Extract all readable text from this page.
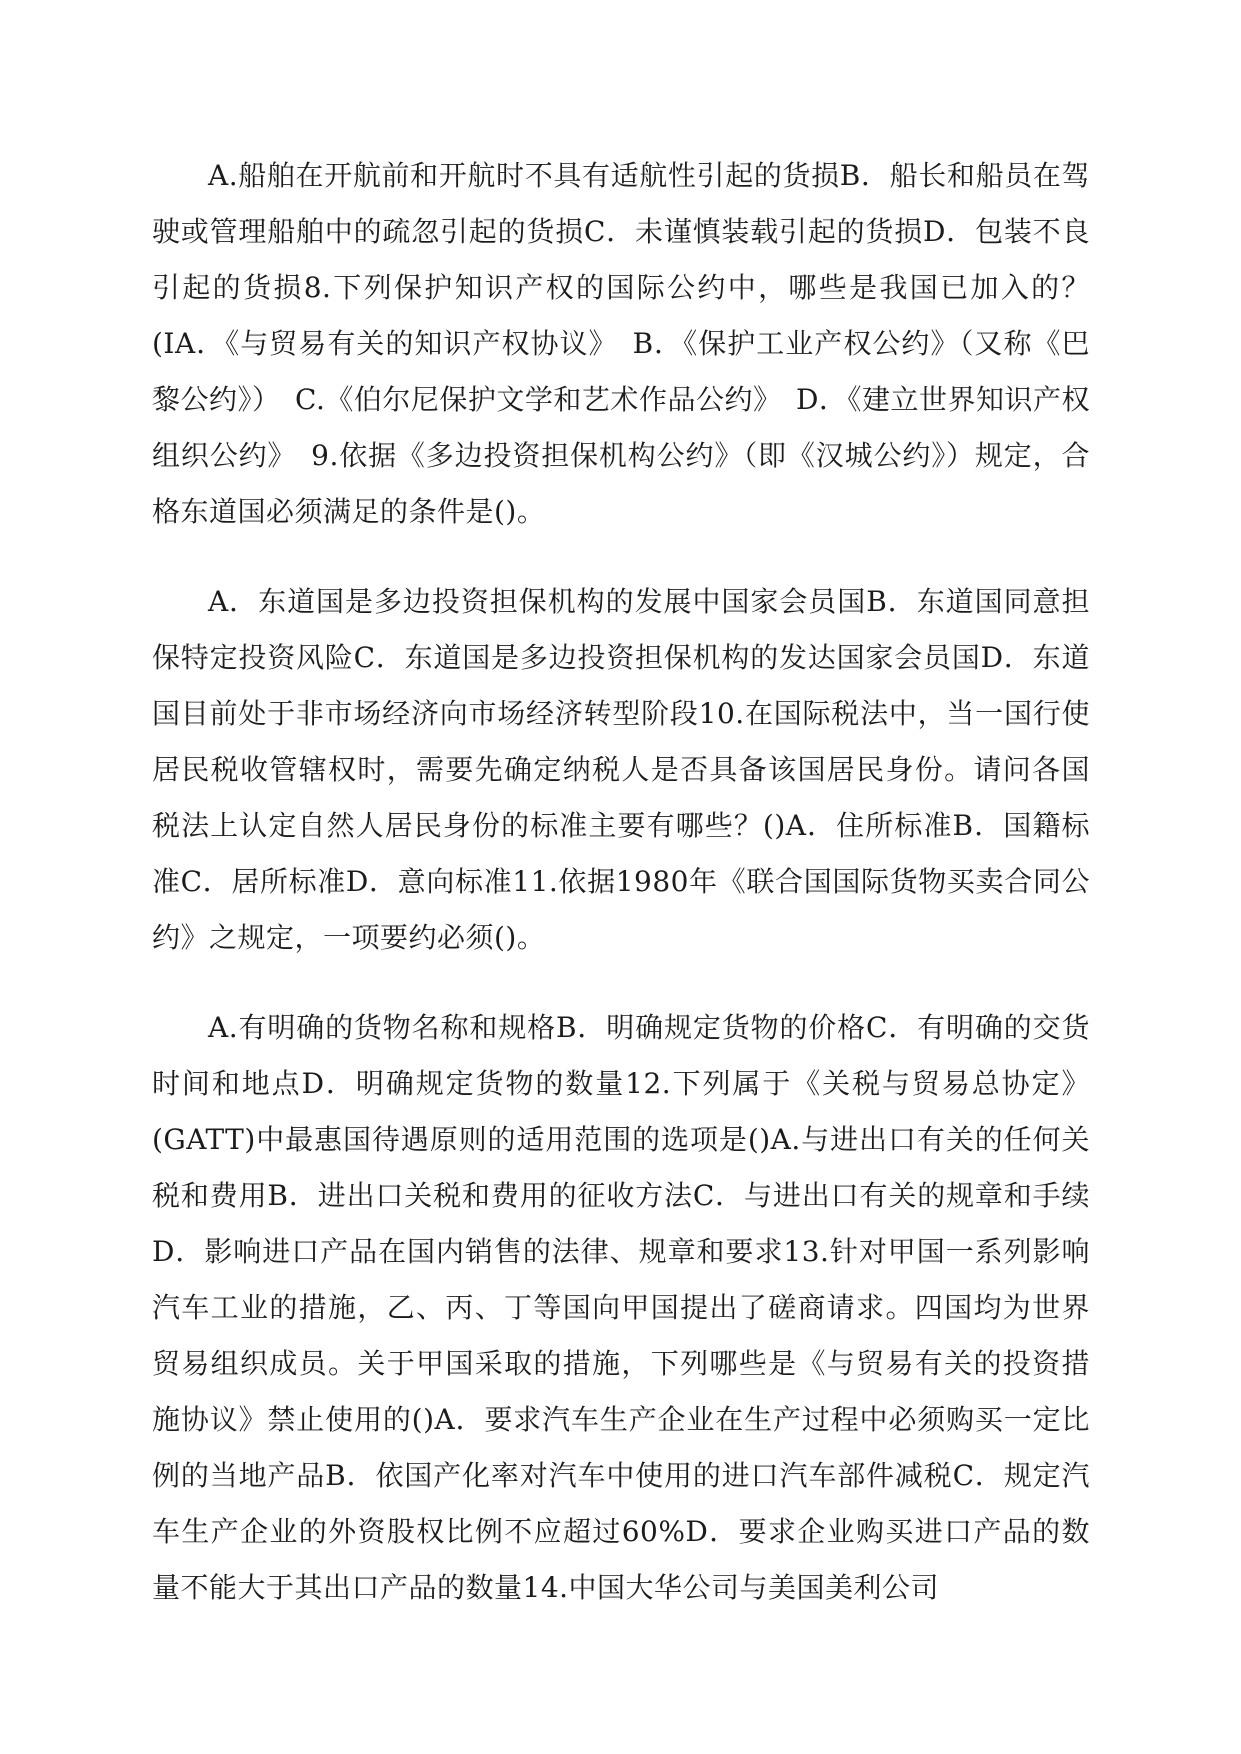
A.船舶在开航前和开航时不具有适航性引起的货损B．船长和船员在驾驶或管理船舶中的疏忽引起的货损C．未谨慎装载引起的货损D．包装不良引起的货损8.下列保护知识产权的国际公约中，哪些是我国已加入的？(IA．《与贸易有关的知识产权协议》　B．《保护工业产权公约》（又称《巴黎公约》）　C.《伯尔尼保护文学和艺术作品公约》　D．《建立世界知识产权组织公约》　9.依据《多边投资担保机构公约》（即《汉城公约》）规定，合格东道国必须满足的条件是()。

A．东道国是多边投资担保机构的发展中国家会员国B．东道国同意担保特定投资风险C．东道国是多边投资担保机构的发达国家会员国D．东道国目前处于非市场经济向市场经济转型阶段10.在国际税法中，当一国行使居民税收管辖权时，需要先确定纳税人是否具备该国居民身份。请问各国税法上认定自然人居民身份的标准主要有哪些？()A．住所标准B．国籍标准C．居所标准D．意向标准11.依据1980年《联合国国际货物买卖合同公约》之规定，一项要约必须()。

A.有明确的货物名称和规格B．明确规定货物的价格C．有明确的交货时间和地点D．明确规定货物的数量12.下列属于《关税与贸易总协定》(GATT)中最惠国待遇原则的适用范围的选项是()A.与进出口有关的任何关税和费用B．进出口关税和费用的征收方法C．与进出口有关的规章和手续D．影响进口产品在国内销售的法律、规章和要求13.针对甲国一系列影响汽车工业的措施，乙、丙、丁等国向甲国提出了磋商请求。四国均为世界贸易组织成员。关于甲国采取的措施，下列哪些是《与贸易有关的投资措施协议》禁止使用的()A．要求汽车生产企业在生产过程中必须购买一定比例的当地产品B．依国产化率对汽车中使用的进口汽车部件减税C．规定汽车生产企业的外资股权比例不应超过60%D．要求企业购买进口产品的数量不能大于其出口产品的数量14.中国大华公司与美国美利公司
